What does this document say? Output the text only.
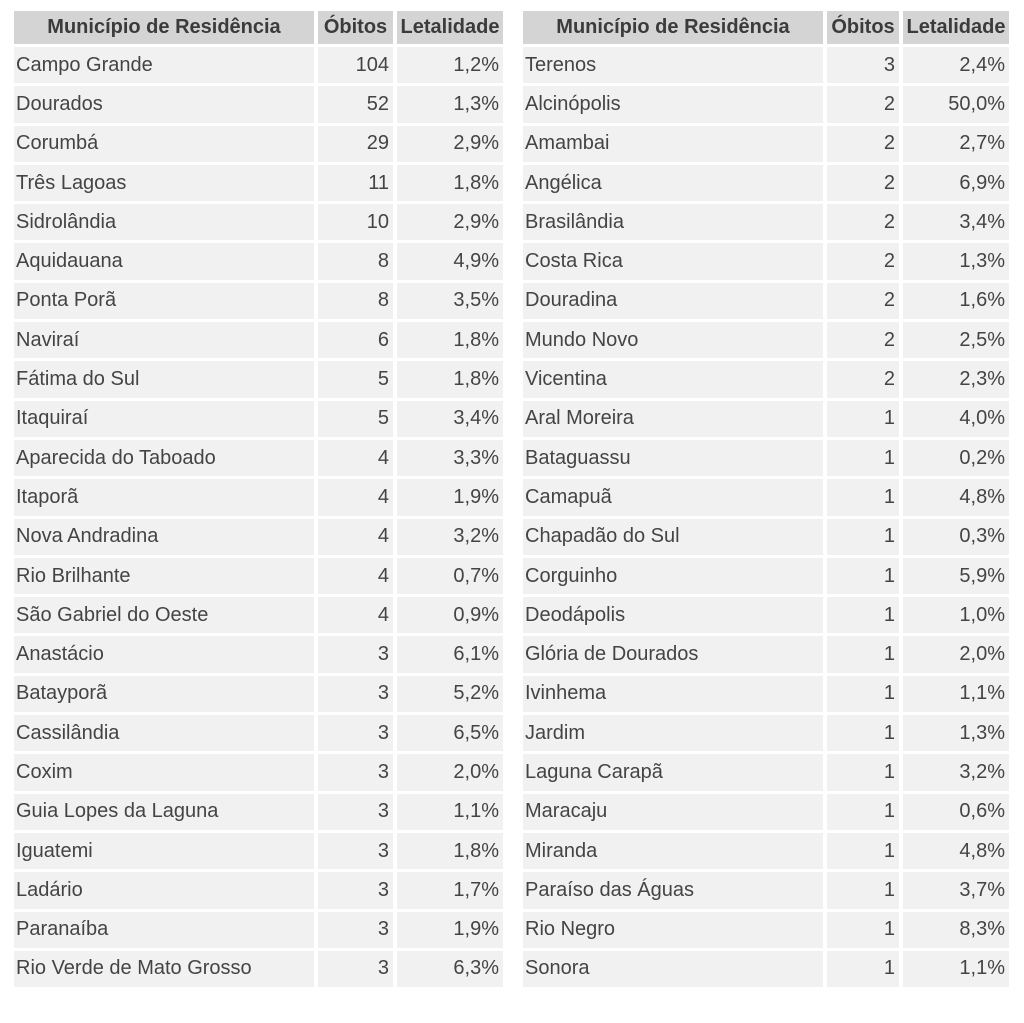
Município de Residência	Óbitos	Letalidade
Campo Grande	104	1,2%
Dourados	52	1,3%
Corumbá	29	2,9%
Três Lagoas	11	1,8%
Sidrolândia	10	2,9%
Aquidauana	8	4,9%
Ponta Porã	8	3,5%
Naviraí	6	1,8%
Fátima do Sul	5	1,8%
Itaquiraí	5	3,4%
Aparecida do Taboado	4	3,3%
Itaporã	4	1,9%
Nova Andradina	4	3,2%
Rio Brilhante	4	0,7%
São Gabriel do Oeste	4	0,9%
Anastácio	3	6,1%
Batayporã	3	5,2%
Cassilândia	3	6,5%
Coxim	3	2,0%
Guia Lopes da Laguna	3	1,1%
Iguatemi	3	1,8%
Ladário	3	1,7%
Paranaíba	3	1,9%
Rio Verde de Mato Grosso	3	6,3%
Município de Residência	Óbitos	Letalidade
Terenos	3	2,4%
Alcinópolis	2	50,0%
Amambai	2	2,7%
Angélica	2	6,9%
Brasilândia	2	3,4%
Costa Rica	2	1,3%
Douradina	2	1,6%
Mundo Novo	2	2,5%
Vicentina	2	2,3%
Aral Moreira	1	4,0%
Bataguassu	1	0,2%
Camapuã	1	4,8%
Chapadão do Sul	1	0,3%
Corguinho	1	5,9%
Deodápolis	1	1,0%
Glória de Dourados	1	2,0%
Ivinhema	1	1,1%
Jardim	1	1,3%
Laguna Carapã	1	3,2%
Maracaju	1	0,6%
Miranda	1	4,8%
Paraíso das Águas	1	3,7%
Rio Negro	1	8,3%
Sonora	1	1,1%
